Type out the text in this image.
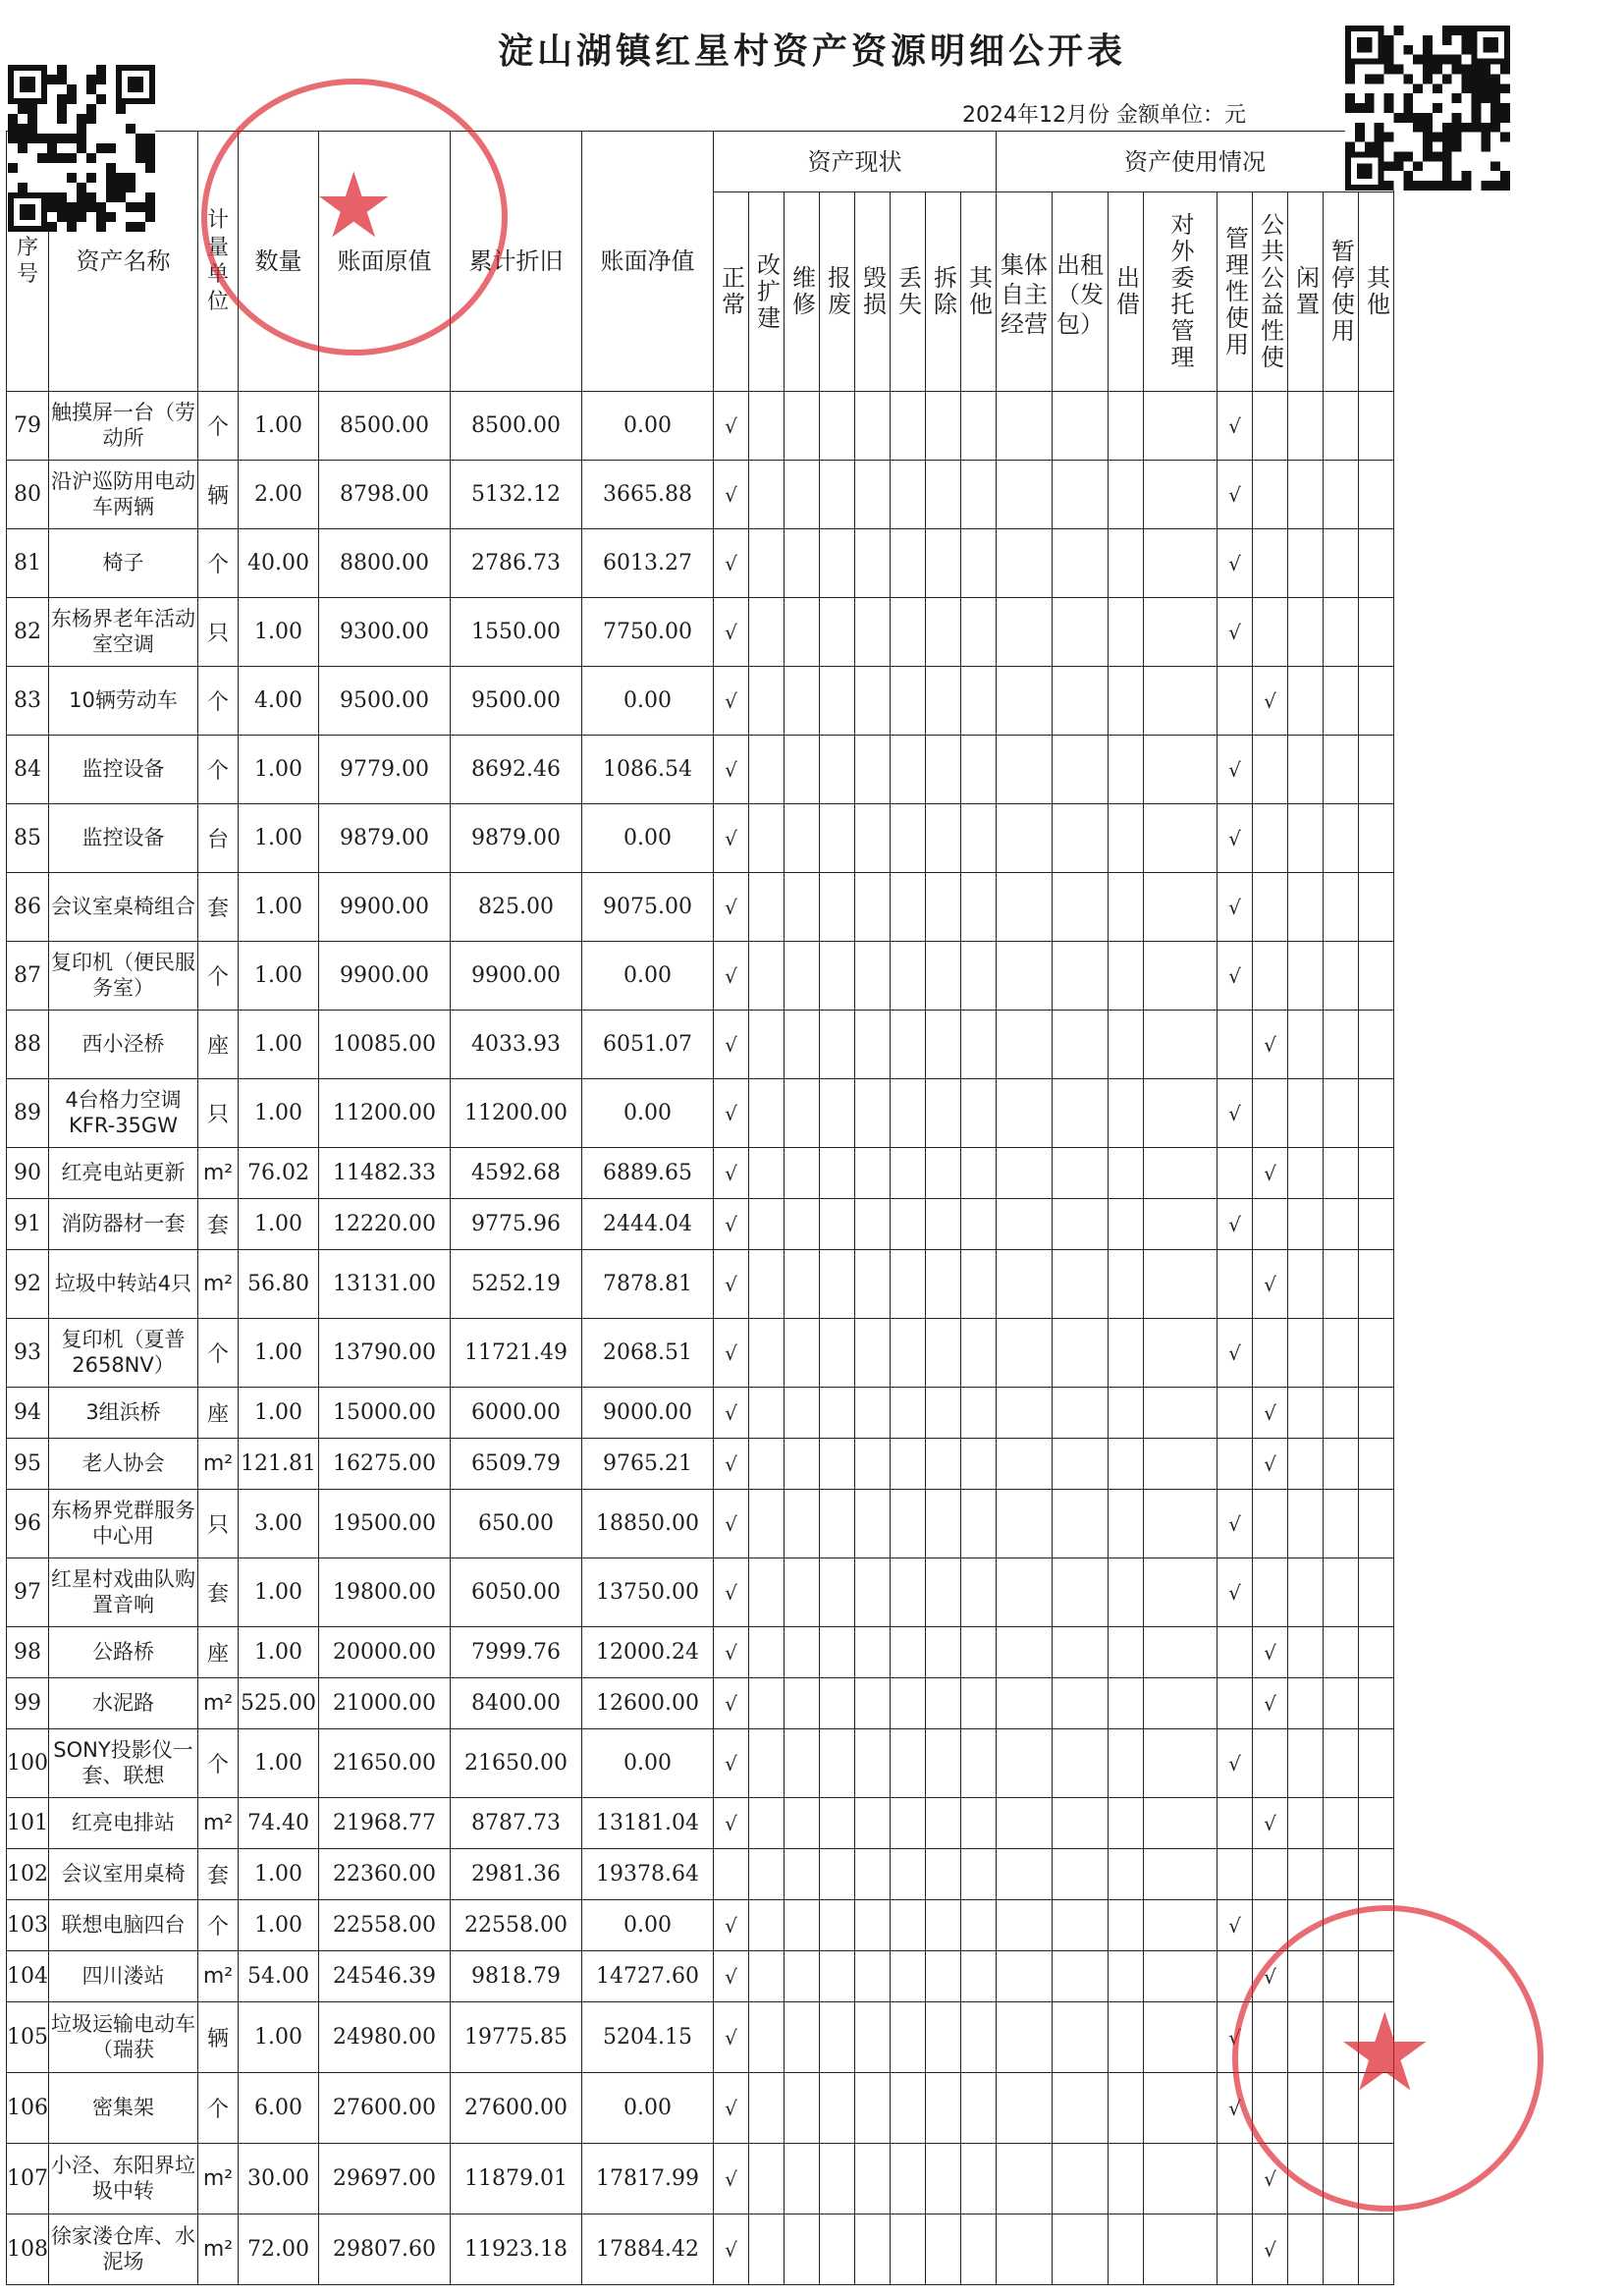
淀山湖镇红星村资产资源明细公开表
2024年12月份 金额单位：元
序号	资产名称	计量单位	数量	账面原值	累计折旧	账面净值	资产现状								资产使用情况								
							正常	改扩建	维修	报废	毁损	丢失	拆除	其他	集体自主经营	出租（发包）	出借	对外委托管理	管理性使用	公共公益性使	闲置	暂停使用	其他
79	触摸屏一台（劳动所	个	1.00	8500.00	8500.00	0.00	√												√				
80	沿沪巡防用电动车两辆	辆	2.00	8798.00	5132.12	3665.88	√												√				
81	椅子	个	40.00	8800.00	2786.73	6013.27	√												√				
82	东杨界老年活动室空调	只	1.00	9300.00	1550.00	7750.00	√												√				
83	10辆劳动车	个	4.00	9500.00	9500.00	0.00	√													√			
84	监控设备	个	1.00	9779.00	8692.46	1086.54	√												√				
85	监控设备	台	1.00	9879.00	9879.00	0.00	√												√				
86	会议室桌椅组合	套	1.00	9900.00	825.00	9075.00	√												√				
87	复印机（便民服务室）	个	1.00	9900.00	9900.00	0.00	√												√				
88	西小泾桥	座	1.00	10085.00	4033.93	6051.07	√													√			
89	4台格力空调KFR-35GW	只	1.00	11200.00	11200.00	0.00	√												√				
90	红亮电站更新	m²	76.02	11482.33	4592.68	6889.65	√													√			
91	消防器材一套	套	1.00	12220.00	9775.96	2444.04	√												√				
92	垃圾中转站4只	m²	56.80	13131.00	5252.19	7878.81	√													√			
93	复印机（夏普2658NV）	个	1.00	13790.00	11721.49	2068.51	√												√				
94	3组浜桥	座	1.00	15000.00	6000.00	9000.00	√													√			
95	老人协会	m²	121.81	16275.00	6509.79	9765.21	√													√			
96	东杨界党群服务中心用	只	3.00	19500.00	650.00	18850.00	√												√				
97	红星村戏曲队购置音响	套	1.00	19800.00	6050.00	13750.00	√												√				
98	公路桥	座	1.00	20000.00	7999.76	12000.24	√													√			
99	水泥路	m²	525.00	21000.00	8400.00	12600.00	√													√			
100	SONY投影仪一套、联想	个	1.00	21650.00	21650.00	0.00	√												√				
101	红亮电排站	m²	74.40	21968.77	8787.73	13181.04	√													√			
102	会议室用桌椅	套	1.00	22360.00	2981.36	19378.64																	
103	联想电脑四台	个	1.00	22558.00	22558.00	0.00	√												√				
104	四川溇站	m²	54.00	24546.39	9818.79	14727.60	√													√			
105	垃圾运输电动车（瑞获	辆	1.00	24980.00	19775.85	5204.15	√												√				
106	密集架	个	6.00	27600.00	27600.00	0.00	√												√				
107	小泾、东阳界垃圾中转	m²	30.00	29697.00	11879.01	17817.99	√													√			
108	徐家溇仓库、水泥场	m²	72.00	29807.60	11923.18	17884.42	√													√			
★
★
